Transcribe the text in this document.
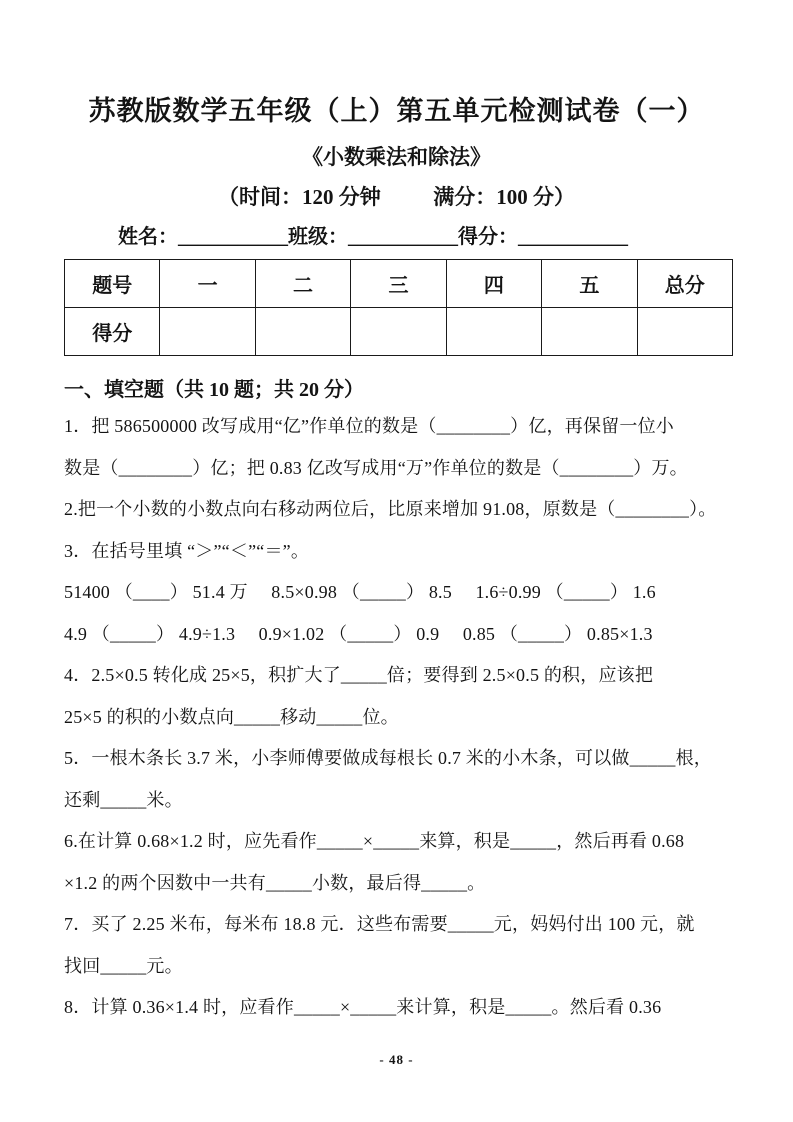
苏教版数学五年级（上）第五单元检测试卷（一）
《小数乘法和除法》
（时间：120 分钟          满分：100 分）
姓名：___________班级：___________得分：___________
题号	一	二	三	四	五	总分
得分						
一、填空题（共 10 题；共 20 分）
1．把 586500000 改写成用“亿”作单位的数是（________）亿，再保留一位小
数是（________）亿；把 0.83 亿改写成用“万”作单位的数是（________）万。
2.把一个小数的小数点向右移动两位后，比原来增加 91.08，原数是（________）。
3．在括号里填 “＞”“＜”“＝”。
51400 （____） 51.4 万     8.5×0.98 （_____） 8.5     1.6÷0.99 （_____） 1.6
4.9 （_____） 4.9÷1.3     0.9×1.02 （_____） 0.9     0.85 （_____） 0.85×1.3
4．2.5×0.5 转化成 25×5，积扩大了_____倍；要得到 2.5×0.5 的积，应该把
25×5 的积的小数点向_____移动_____位。
5．一根木条长 3.7 米，小李师傅要做成每根长 0.7 米的小木条，可以做_____根，
还剩_____米。
6.在计算 0.68×1.2 时，应先看作_____×_____来算，积是_____，然后再看 0.68
×1.2 的两个因数中一共有_____小数，最后得_____。
7．买了 2.25 米布，每米布 18.8 元．这些布需要_____元，妈妈付出 100 元，就
找回_____元。
8．计算 0.36×1.4 时，应看作_____×_____来计算，积是_____。然后看 0.36
- 48 -
